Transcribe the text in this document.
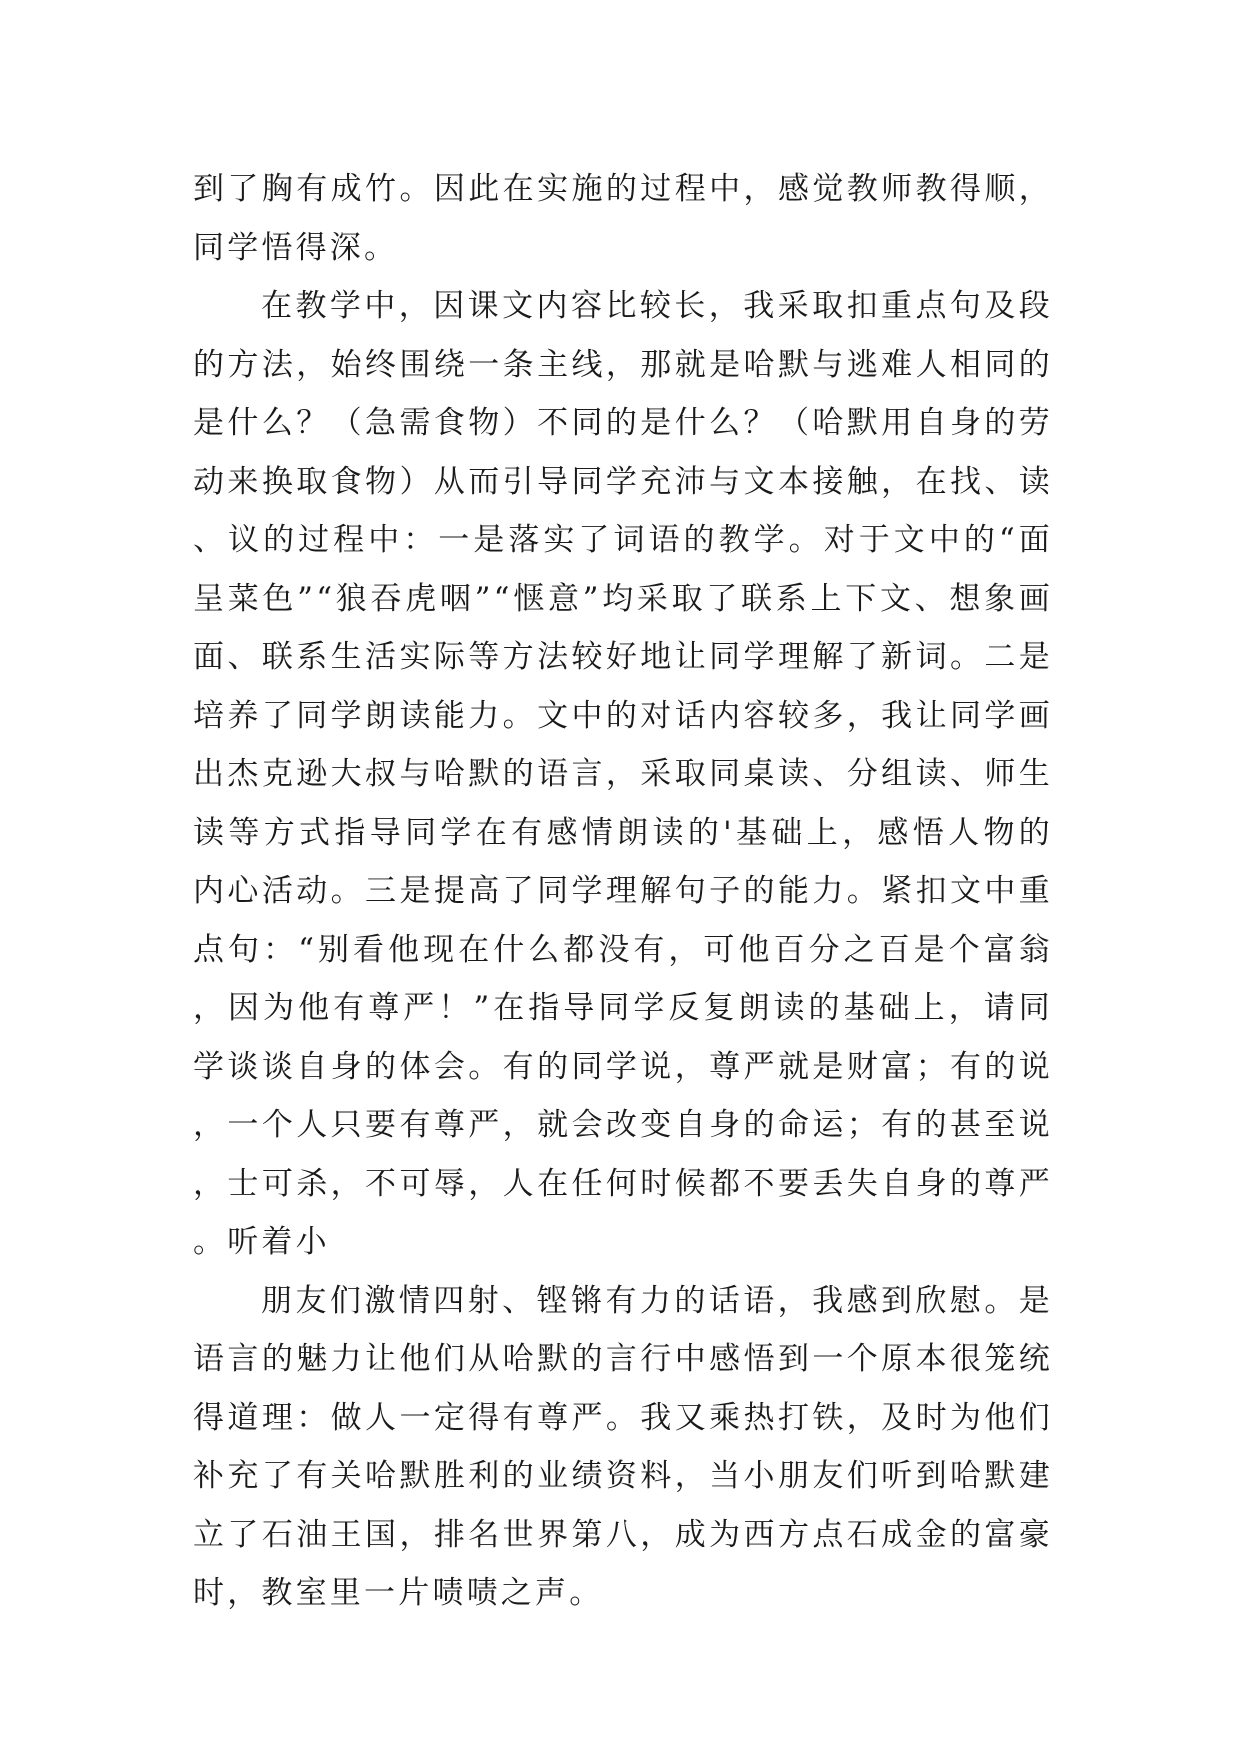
到了胸有成竹。因此在实施的过程中，感觉教师教得顺，同学悟得深。

在教学中，因课文内容比较长，我采取扣重点句及段的方法，始终围绕一条主线，那就是哈默与逃难人相同的是什么？（急需食物）不同的是什么？（哈默用自身的劳动来换取食物）从而引导同学充沛与文本接触，在找、读、议的过程中：一是落实了词语的教学。对于文中的“面呈菜色”“狼吞虎咽”“惬意”均采取了联系上下文、想象画面、联系生活实际等方法较好地让同学理解了新词。二是培养了同学朗读能力。文中的对话内容较多，我让同学画出杰克逊大叔与哈默的语言，采取同桌读、分组读、师生读等方式指导同学在有感情朗读的'基础上，感悟人物的内心活动。三是提高了同学理解句子的能力。紧扣文中重点句：“别看他现在什么都没有，可他百分之百是个富翁，因为他有尊严！”在指导同学反复朗读的基础上，请同学谈谈自身的体会。有的同学说，尊严就是财富；有的说，一个人只要有尊严，就会改变自身的命运；有的甚至说，士可杀，不可辱，人在任何时候都不要丢失自身的尊严。听着小

朋友们激情四射、铿锵有力的话语，我感到欣慰。是语言的魅力让他们从哈默的言行中感悟到一个原本很笼统得道理：做人一定得有尊严。我又乘热打铁，及时为他们补充了有关哈默胜利的业绩资料，当小朋友们听到哈默建立了石油王国，排名世界第八，成为西方点石成金的富豪时，教室里一片啧啧之声。
